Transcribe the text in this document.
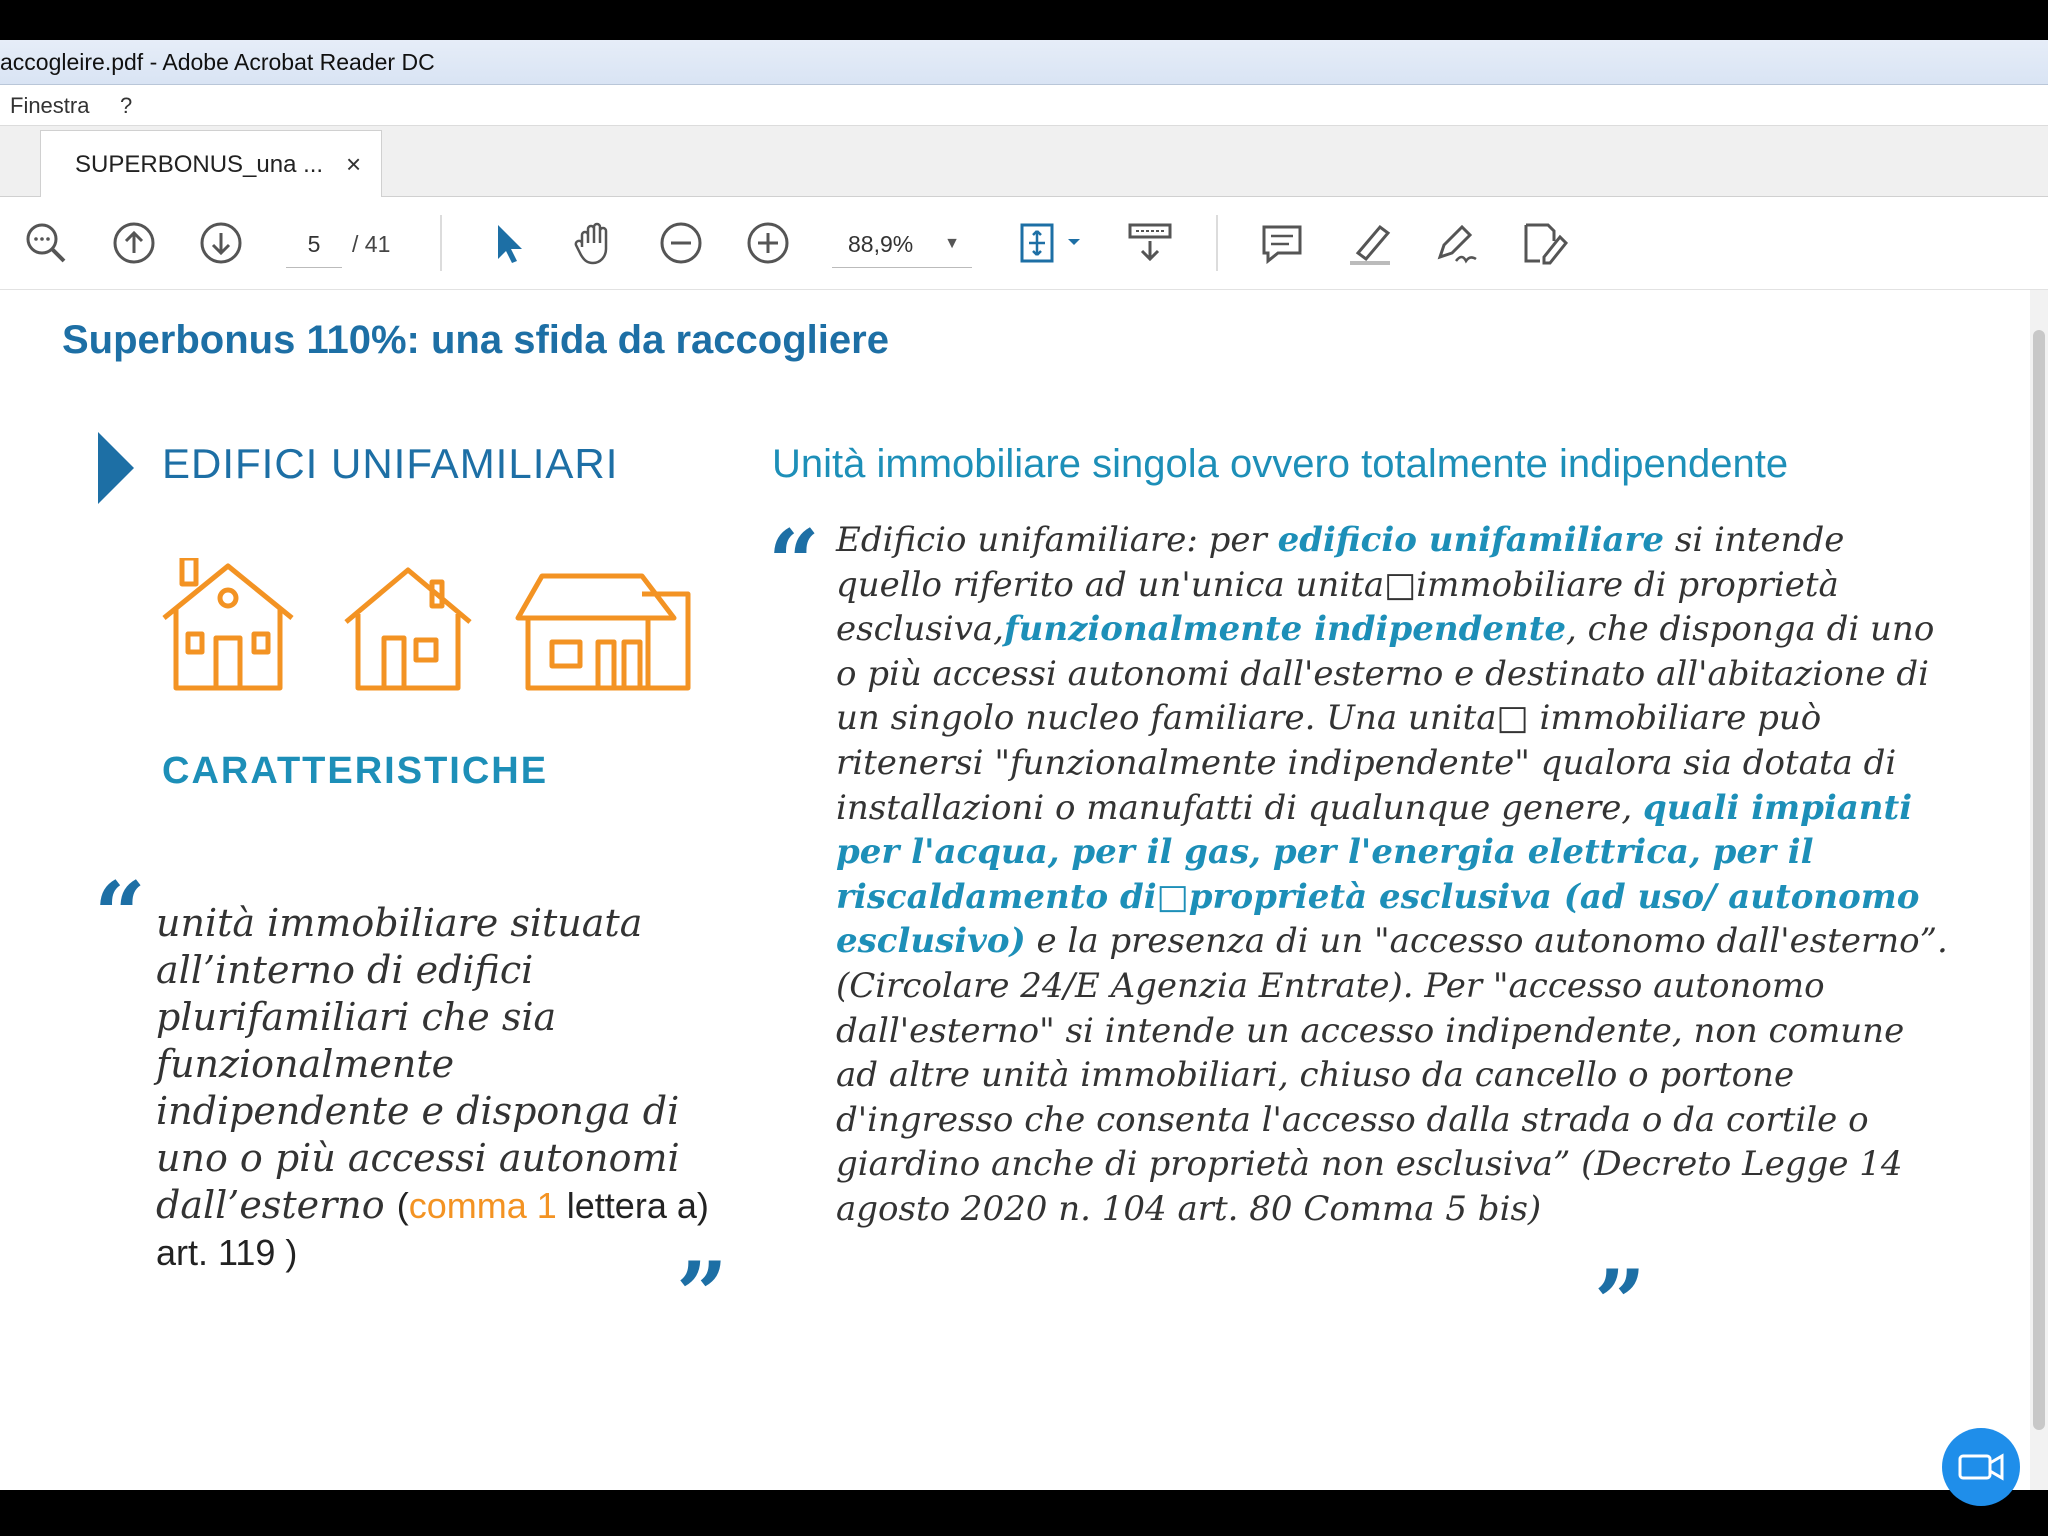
accogleire.pdf - Adobe Acrobat Reader DC
Finestra ?
SUPERBONUS_una ... ×
5	/ 41	88,9% ▼
Superbonus 110%: una sfida da raccogliere
EDIFICI UNIFAMILIARI	Unità immobiliare singola ovvero totalmente indipendente
CARATTERISTICHE
“ unità immobiliare situata all’interno di edifici plurifamiliari che sia funzionalmente indipendente e disponga di uno o più accessi autonomi dall’esterno (comma 1 lettera a) art. 119 )	”
“ Edificio unifamiliare: per edificio unifamiliare si intende quello riferito ad un'unica unita□immobiliare di proprietà esclusiva,funzionalmente indipendente, che disponga di uno o più accessi autonomi dall'esterno e destinato all'abitazione di un singolo nucleo familiare. Una unita□ immobiliare può ritenersi "funzionalmente indipendente" qualora sia dotata di installazioni o manufatti di qualunque genere, quali impianti per l'acqua, per il gas, per l'energia elettrica, per il riscaldamento di□proprietà esclusiva (ad uso/ autonomo esclusivo) e la presenza di un "accesso autonomo dall'esterno”. (Circolare 24/E Agenzia Entrate). Per "accesso autonomo dall'esterno" si intende un accesso indipendente, non comune ad altre unità immobiliari, chiuso da cancello o portone d'ingresso che consenta l'accesso dalla strada o da cortile o giardino anche di proprietà non esclusiva” (Decreto Legge 14 agosto 2020 n. 104 art. 80 Comma 5 bis)
”
